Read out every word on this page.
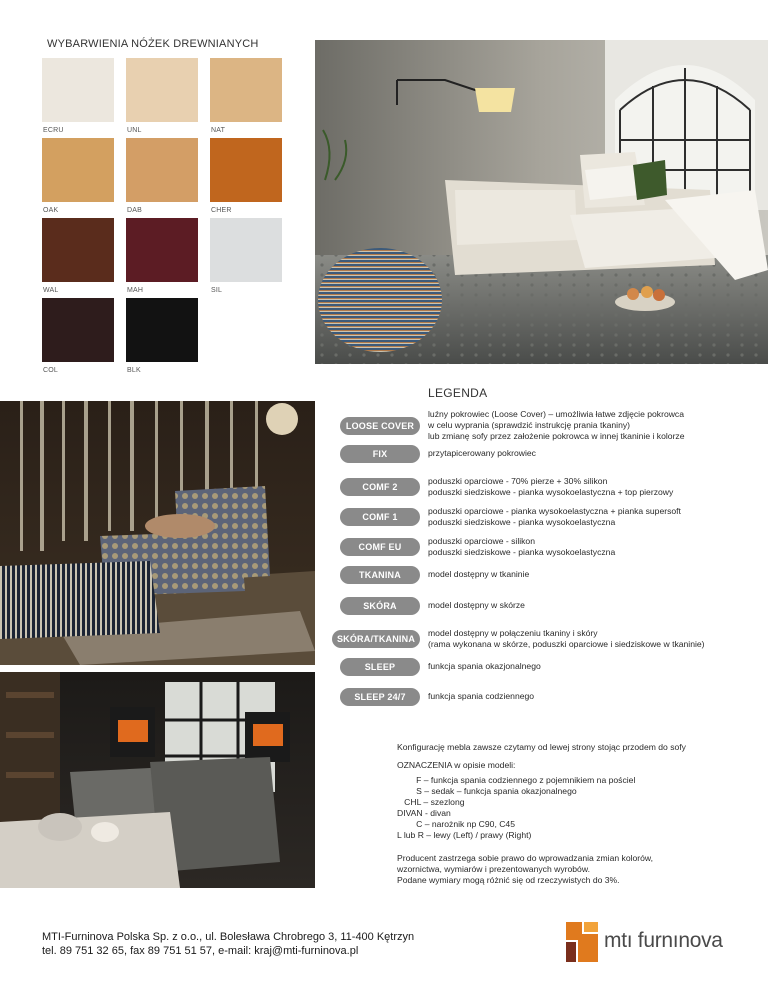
WYBARWIENIA NÓŻEK DREWNIANYCH
ECRU	UNL	NAT
OAK	DAB	CHER
WAL	MAH	SIL
COL	BLK
LEGENDA
LOOSE COVER
luźny pokrowiec (Loose Cover) – umożliwia łatwe zdjęcie pokrowca
w celu wyprania (sprawdzić instrukcję prania tkaniny)
lub zmianę sofy przez założenie pokrowca w innej tkaninie i kolorze
FIX	przytapicerowany pokrowiec
COMF 2
poduszki oparciowe - 70% pierze + 30% silikon
poduszki siedziskowe - pianka wysokoelastyczna + top pierzowy
COMF 1
poduszki oparciowe - pianka wysokoelastyczna + pianka supersoft
poduszki siedziskowe - pianka wysokoelastyczna
COMF EU
poduszki oparciowe - silikon
poduszki siedziskowe - pianka wysokoelastyczna
TKANINA	model dostępny w tkaninie
SKÓRA	model dostępny w skórze
SKÓRA/TKANINA
model dostępny w połączeniu tkaniny i skóry
(rama wykonana w skórze, poduszki oparciowe i siedziskowe w tkaninie)
SLEEP	funkcja spania okazjonalnego
SLEEP 24/7	funkcja spania codziennego
Konfigurację mebla zawsze czytamy od lewej strony stojąc przodem do sofy
OZNACZENIA w opisie modeli:
F – funkcja spania codziennego z pojemnikiem na pościel
S – sedak – funkcja spania okazjonalnego
CHL – szezlong
DIVAN - divan
C – narożnik np C90, C45
L lub R – lewy (Left) / prawy (Right)
Producent zastrzega sobie prawo do wprowadzania zmian kolorów,
wzornictwa, wymiarów i prezentowanych wyrobów.
Podane wymiary mogą różnić się od rzeczywistych do 3%.
MTI-Furninova Polska Sp. z o.o., ul. Bolesława Chrobrego 3, 11-400 Kętrzyn
tel. 89 751 32 65, fax 89 751 51 57, e-mail: kraj@mti-furninova.pl	mtı furnınova
